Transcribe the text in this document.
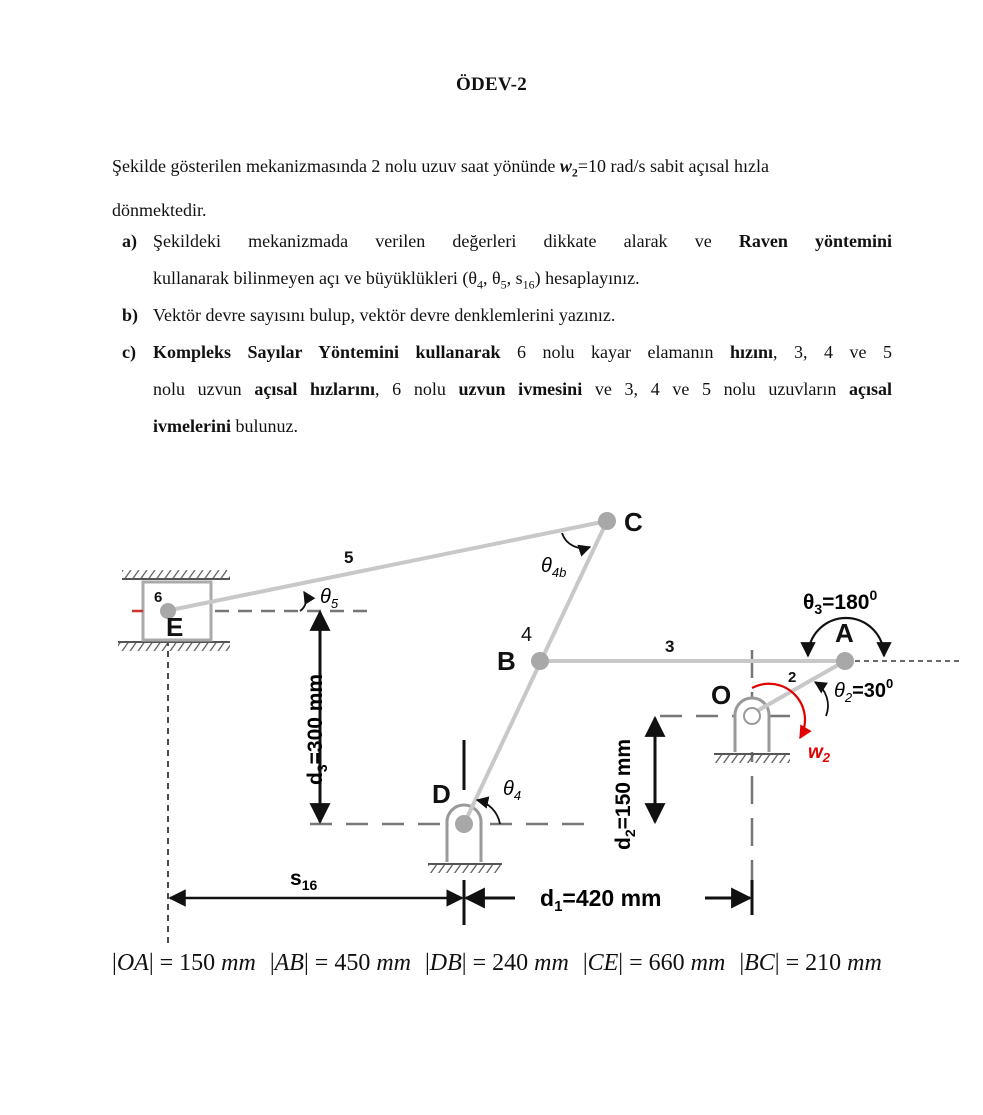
ÖDEV-2

Şekilde gösterilen mekanizmasında 2 nolu uzuv saat yönünde $w_2=10$ rad/s sabit açısal hızla

dönmektedir.

a) Şekildeki mekanizmada verilen değerleri dikkate alarak ve Raven yöntemini
kullanarak bilinmeyen açı ve büyüklükleri ($\theta_4$, $\theta_5$, $s_{16}$) hesaplayınız.
b) Vektör devre sayısını bulup, vektör devre denklemlerini yazınız.
c) Kompleks Sayılar Yöntemini kullanarak 6 nolu kayar elamanın hızını, 3, 4 ve 5
nolu uzvun açısal hızlarını, 6 nolu uzvun ivmesini ve 3, 4 ve 5 nolu uzuvların açısal
ivmelerini bulunuz.
C
B
A
O
D
E
5
6
4
3
2
$\theta_5$
$\theta_{4b}$
$\theta_4$
$\theta_3=180^0$
$\theta_2=30^0$
$w_2$
$d_3=300$ mm
$d_2=150$ mm
$s_{16}$	$d_1=420$ mm
|OA| = 150 mm |AB| = 450 mm |DB| = 240 mm |CE| = 660 mm |BC| = 210 mm
